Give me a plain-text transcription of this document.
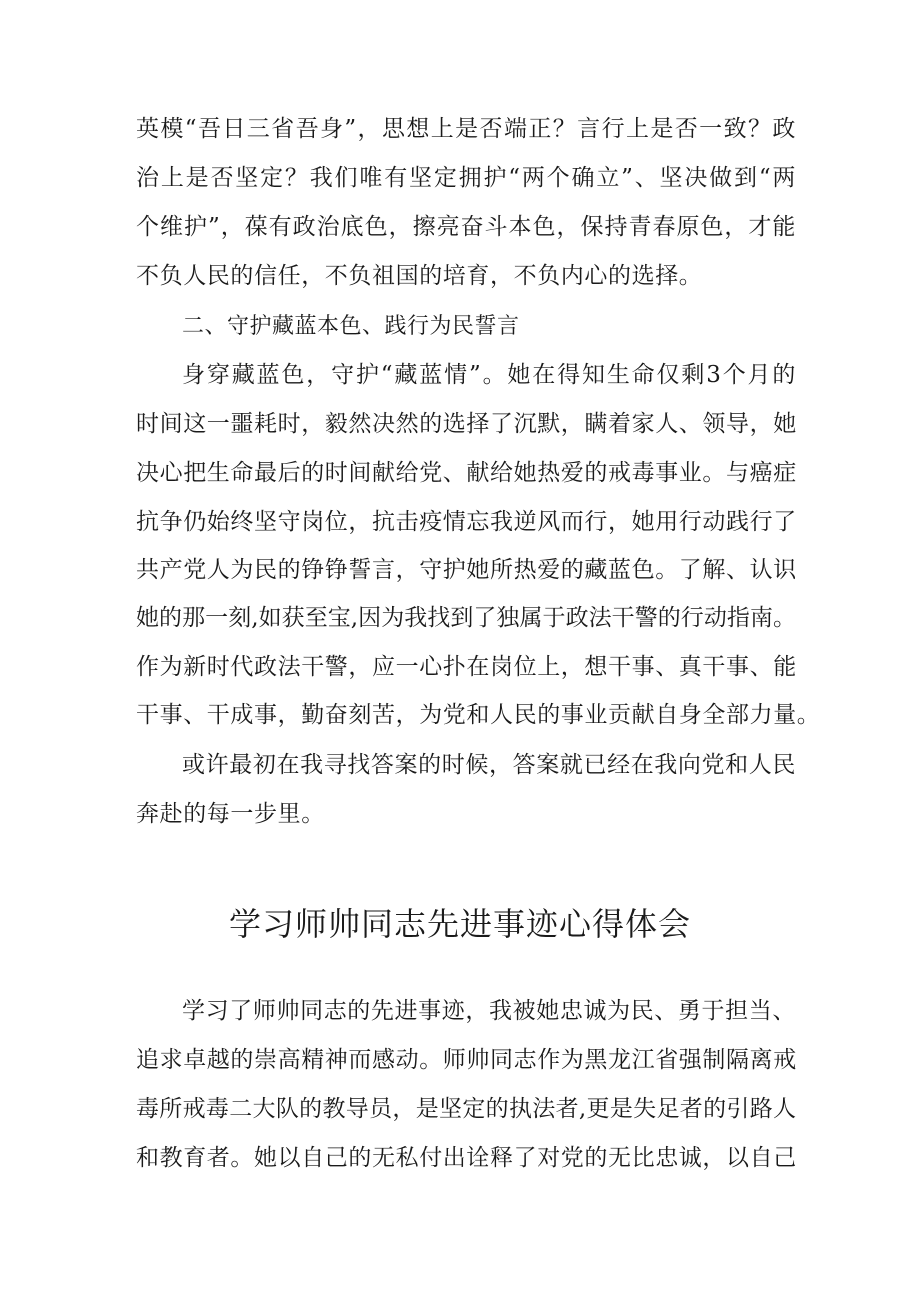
英模“吾日三省吾身”，思想上是否端正？言行上是否一致？政
治上是否坚定？我们唯有坚定拥护“两个确立”、坚决做到“两
个维护”，葆有政治底色，擦亮奋斗本色，保持青春原色，才能
不负人民的信任，不负祖国的培育，不负内心的选择。
二、守护藏蓝本色、践行为民誓言
身穿藏蓝色，守护“藏蓝情”。她在得知生命仅剩3个月的
时间这一噩耗时，毅然决然的选择了沉默，瞒着家人、领导，她
决心把生命最后的时间献给党、献给她热爱的戒毒事业。与癌症
抗争仍始终坚守岗位，抗击疫情忘我逆风而行，她用行动践行了
共产党人为民的铮铮誓言，守护她所热爱的藏蓝色。了解、认识
她的那一刻,如获至宝,因为我找到了独属于政法干警的行动指南。
作为新时代政法干警，应一心扑在岗位上，想干事、真干事、能
干事、干成事，勤奋刻苦，为党和人民的事业贡献自身全部力量。
或许最初在我寻找答案的时候，答案就已经在我向党和人民
奔赴的每一步里。
学习师帅同志先进事迹心得体会
学习了师帅同志的先进事迹，我被她忠诚为民、勇于担当、
追求卓越的崇高精神而感动。师帅同志作为黑龙江省强制隔离戒
毒所戒毒二大队的教导员，是坚定的执法者,更是失足者的引路人
和教育者。她以自己的无私付出诠释了对党的无比忠诚，以自己
